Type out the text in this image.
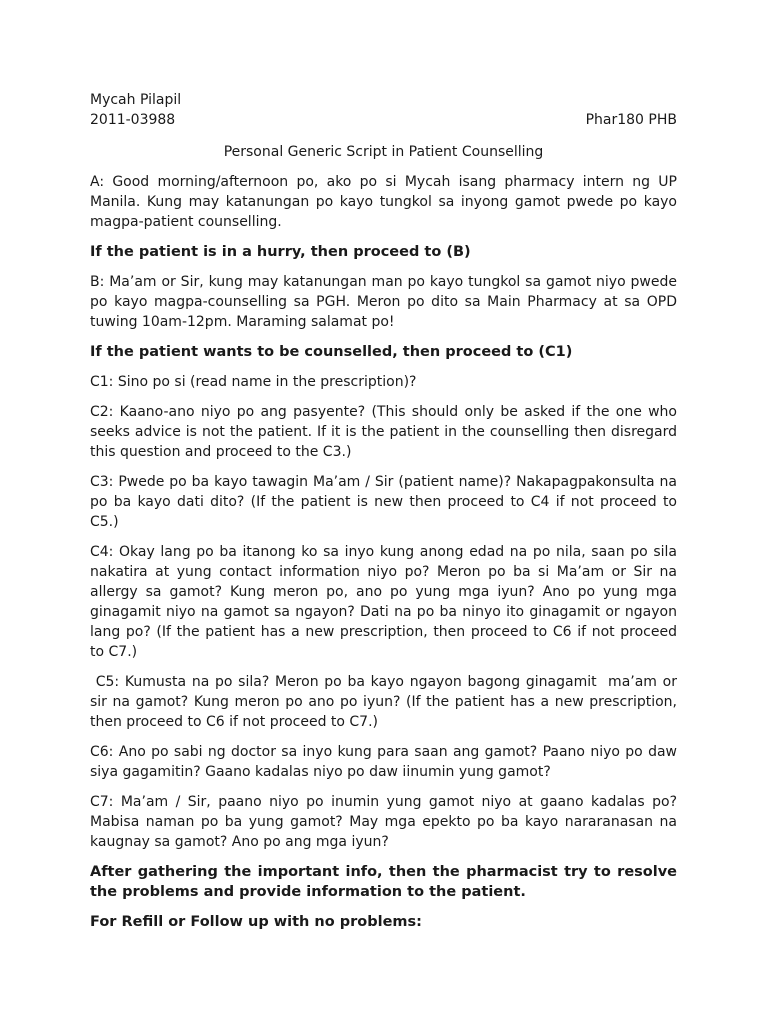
Mycah Pilapil
2011-03988	Phar180 PHB
Personal Generic Script in Patient Counselling

A: Good morning/afternoon po, ako po si Mycah isang pharmacy intern ng UP Manila. Kung may katanungan po kayo tungkol sa inyong gamot pwede po kayo magpa-patient counselling.

If the patient is in a hurry, then proceed to (B)

B: Ma’am or Sir, kung may katanungan man po kayo tungkol sa gamot niyo pwede po kayo magpa-counselling sa PGH. Meron po dito sa Main Pharmacy at sa OPD tuwing 10am-12pm. Maraming salamat po!

If the patient wants to be counselled, then proceed to (C1)

C1: Sino po si (read name in the prescription)?

C2: Kaano-ano niyo po ang pasyente? (This should only be asked if the one who seeks advice is not the patient. If it is the patient in the counselling then disregard this question and proceed to the C3.)

C3: Pwede po ba kayo tawagin Ma’am / Sir (patient name)? Nakapagpakonsulta na po ba kayo dati dito? (If the patient is new then proceed to C4 if not proceed to C5.)

C4: Okay lang po ba itanong ko sa inyo kung anong edad na po nila, saan po sila nakatira at yung contact information niyo po? Meron po ba si Ma’am or Sir na allergy sa gamot? Kung meron po, ano po yung mga iyun? Ano po yung mga ginagamit niyo na gamot sa ngayon? Dati na po ba ninyo ito ginagamit or ngayon lang po? (If the patient has a new prescription, then proceed to C6 if not proceed to C7.)

C5: Kumusta na po sila? Meron po ba kayo ngayon bagong ginagamit  ma’am or sir na gamot? Kung meron po ano po iyun? (If the patient has a new prescription, then proceed to C6 if not proceed to C7.)

C6: Ano po sabi ng doctor sa inyo kung para saan ang gamot? Paano niyo po daw siya gagamitin? Gaano kadalas niyo po daw iinumin yung gamot?

C7: Ma’am / Sir, paano niyo po inumin yung gamot niyo at gaano kadalas po? Mabisa naman po ba yung gamot? May mga epekto po ba kayo nararanasan na kaugnay sa gamot? Ano po ang mga iyun?

After gathering the important info, then the pharmacist try to resolve the problems and provide information to the patient.

For Refill or Follow up with no problems:
